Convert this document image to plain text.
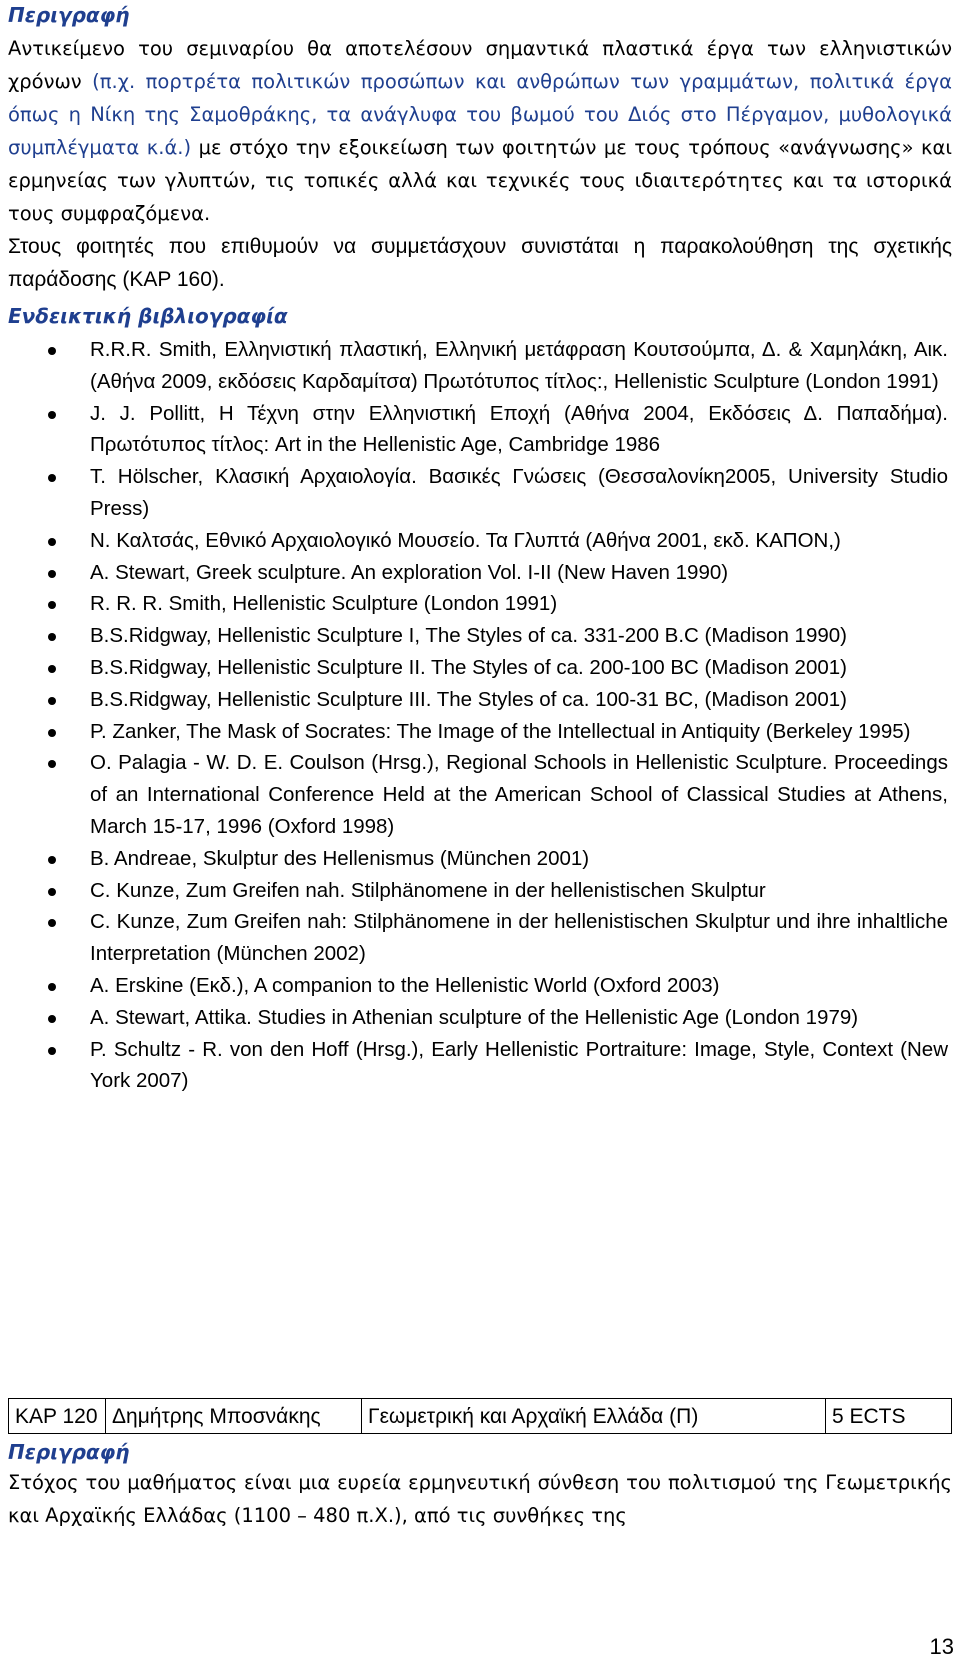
Περιγραφή

Αντικείμενο του σεμιναρίου θα αποτελέσουν σημαντικά πλαστικά έργα των ελληνιστικών χρόνων (π.χ. πορτρέτα πολιτικών προσώπων και ανθρώπων των γραμμάτων, πολιτικά έργα όπως η Νίκη της Σαμοθράκης, τα ανάγλυφα του βωμού του Διός στο Πέργαμον, μυθολογικά συμπλέγματα κ.ά.) με στόχο την εξοικείωση των φοιτητών με τους τρόπους «ανάγνωσης» και ερμηνείας των γλυπτών, τις τοπικές αλλά και τεχνικές τους ιδιαιτερότητες και τα ιστορικά τους συμφραζόμενα.

Στους φοιτητές που επιθυμούν να συμμετάσχουν συνιστάται η παρακολούθηση της σχετικής παράδοσης (ΚΑΡ 160).

Ενδεικτική βιβλιογραφία

R.R.R. Smith, Ελληνιστική πλαστική, Ελληνική μετάφραση Κουτσούμπα, Δ. & Χαμηλάκη, Αικ. (Αθήνα 2009, εκδόσεις Καρδαμίτσα) Πρωτότυπος τίτλος:, Hellenistic Sculpture (London 1991)
J. J. Pollitt, Η Τέχνη στην Ελληνιστική Εποχή (Αθήνα 2004, Εκδόσεις Δ. Παπαδήμα). Πρωτότυπος τίτλος: Art in the Hellenistic Age, Cambridge 1986
T. Hölscher, Κλασική Αρχαιολογία. Βασικές Γνώσεις (Θεσσαλονίκη2005, University Studio Press)
Ν. Καλτσάς, Εθνικό Αρχαιολογικό Μουσείο. Τα Γλυπτά (Αθήνα 2001, εκδ. ΚΑΠΟΝ,)
A. Stewart, Greek sculpture. An exploration Vol. I-II (New Haven 1990)
R. R. R. Smith, Hellenistic Sculpture (London 1991)
B.S.Ridgway, Hellenistic Sculpture I, The Styles of ca. 331-200 B.C (Madison 1990)
B.S.Ridgway, Hellenistic Sculpture II. The Styles of ca. 200-100 BC (Madison 2001)
B.S.Ridgway, Hellenistic Sculpture III. The Styles of ca. 100-31 BC, (Madison 2001)
P. Zanker, The Mask of Socrates: The Image of the Intellectual in Antiquity (Berkeley 1995)
O. Palagia - W. D. E. Coulson (Hrsg.), Regional Schools in Hellenistic Sculpture. Proceedings of an International Conference Held at the American School of Classical Studies at Athens, March 15-17, 1996 (Oxford 1998)
B. Andreae, Skulptur des Hellenismus (München 2001)
C. Kunze, Zum Greifen nah. Stilphänomene in der hellenistischen Skulptur
C. Kunze, Zum Greifen nah: Stilphänomene in der hellenistischen Skulptur und ihre inhaltliche Interpretation (München 2002)
A. Erskine (Εκδ.), A companion to the Hellenistic World (Oxford 2003)
A. Stewart, Attika. Studies in Athenian sculpture of the Hellenistic Age (London 1979)
P. Schultz - R. von den Hoff (Hrsg.), Early Hellenistic Portraiture: Image, Style, Context (New York 2007)
ΚΑΡ 120 Δημήτρης Μποσνάκης	Γεωμετρική και Αρχαϊκή Ελλάδα (Π)	5 ECTS

Περιγραφή

Στόχος του μαθήματος είναι μια ευρεία ερμηνευτική σύνθεση του πολιτισμού της Γεωμετρικής και Αρχαϊκής Ελλάδας (1100 – 480 π.Χ.), από τις συνθήκες της

13
